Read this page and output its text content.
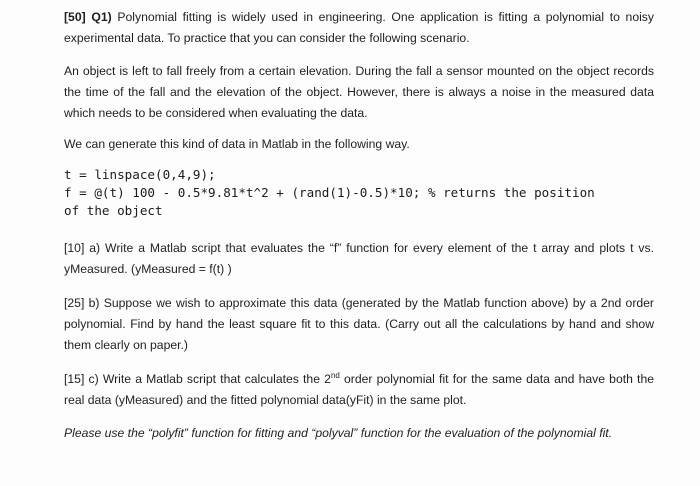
[50] Q1) Polynomial fitting is widely used in engineering. One application is fitting a polynomial to noisy experimental data. To practice that you can consider the following scenario.
An object is left to fall freely from a certain elevation. During the fall a sensor mounted on the object records the time of the fall and the elevation of the object. However, there is always a noise in the measured data which needs to be considered when evaluating the data.
We can generate this kind of data in Matlab in the following way.
t = linspace(0,4,9);
f = @(t) 100 - 0.5*9.81*t^2 + (rand(1)-0.5)*10; % returns the position
of the object
[10] a) Write a Matlab script that evaluates the “f” function for every element of the t array and plots t vs. yMeasured. (yMeasured = f(t) )
[25] b) Suppose we wish to approximate this data (generated by the Matlab function above) by a 2nd order polynomial. Find by hand the least square fit to this data. (Carry out all the calculations by hand and show them clearly on paper.)
[15] c) Write a Matlab script that calculates the 2nd order polynomial fit for the same data and have both the real data (yMeasured) and the fitted polynomial data(yFit) in the same plot.
Please use the “polyfit” function for fitting and “polyval” function for the evaluation of the polynomial fit.
